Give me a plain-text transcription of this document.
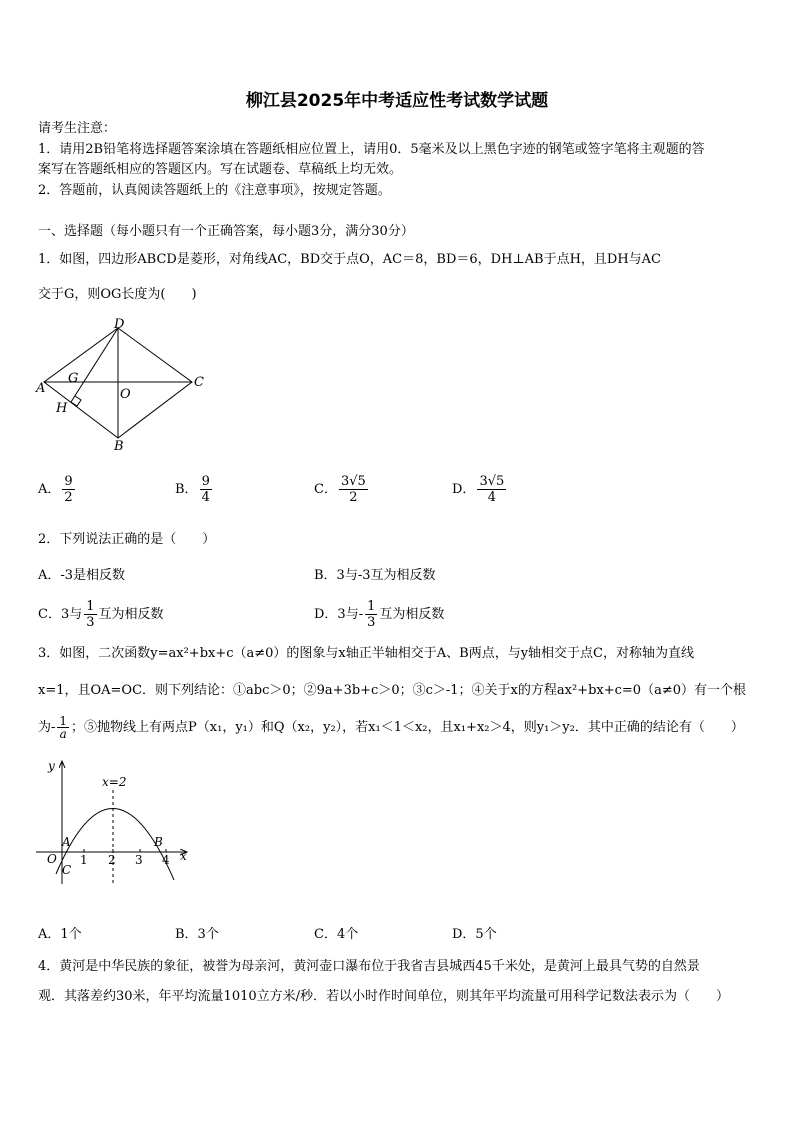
柳江县2025年中考适应性考试数学试题
请考生注意：
1．请用2B铅笔将选择题答案涂填在答题纸相应位置上，请用0．5毫米及以上黑色字迹的钢笔或签字笔将主观题的答
案写在答题纸相应的答题区内。写在试题卷、草稿纸上均无效。
2．答题前，认真阅读答题纸上的《注意事项》，按规定答题。
一、选择题（每小题只有一个正确答案，每小题3分，满分30分）
1．如图，四边形ABCD是菱形，对角线AC，BD交于点O，AC＝8，BD＝6，DH⊥AB于点H，且DH与AC
交于G，则OG长度为(　　)
D
A
G
O
C
H
B
A． $\frac{9}{2}$	B． $\frac{9}{4}$	C． $\frac{3√5}{2}$	D． $\frac{3√5}{4}$
2．下列说法正确的是（　　）
A．-3是相反数	B．3与-3互为相反数
C．3与 $\frac{1}{3}$ 互为相反数	D．3与- $\frac{1}{3}$ 互为相反数
3．如图，二次函数y=ax²+bx+c（a≠0）的图象与x轴正半轴相交于A、B两点，与y轴相交于点C，对称轴为直线
x=1，且OA=OC．则下列结论：①abc＞0；②9a+3b+c＞0；③c＞-1；④关于x的方程ax²+bx+c=0（a≠0）有一个根
为- $\frac{1}{a}$ ；⑤抛物线上有两点P（x₁，y₁）和Q（x₂，y₂），若x₁＜1＜x₂，且x₁+x₂＞4，则y₁＞y₂．其中正确的结论有（　　）
y
x
x=2
A	B
O
C
1 2 3 4
A．1个	B．3个	C．4个	D．5个
4．黄河是中华民族的象征，被誉为母亲河，黄河壶口瀑布位于我省吉县城西45千米处，是黄河上最具气势的自然景
观．其落差约30米，年平均流量1010立方米/秒．若以小时作时间单位，则其年平均流量可用科学记数法表示为（　　）
